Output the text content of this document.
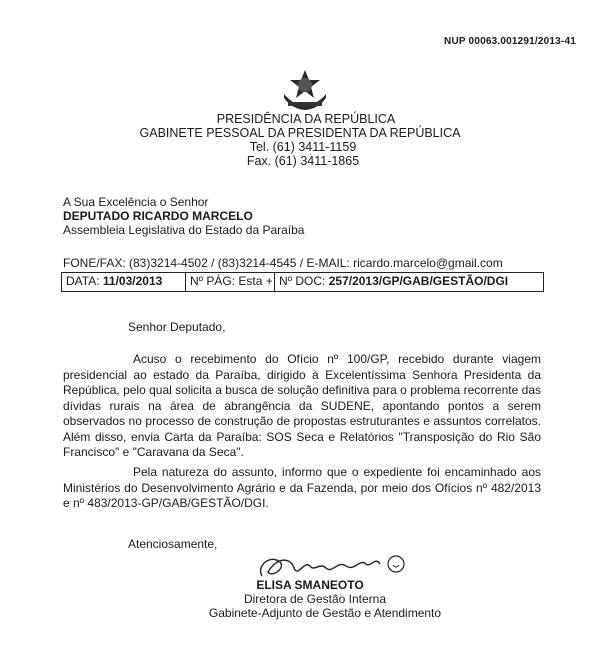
NUP 00063.001291/2013-41
PRESIDÊNCIA DA REPÚBLICA
GABINETE PESSOAL DA PRESIDENTA DA REPÚBLICA
Tel. (61) 3411-1159
Fax. (61) 3411-1865
A Sua Excelência o Senhor
DEPUTADO RICARDO MARCELO
Assembleia Legislativa do Estado da Paraíba
FONE/FAX: (83)3214-4502 / (83)3214-4545 / E-MAIL: ricardo.marcelo@gmail.com
DATA: 11/03/2013	Nº PÁG: Esta + Nº DOC: 257/2013/GP/GAB/GESTÃO/DGI
Senhor Deputado,
Acuso o recebimento do Ofício nº 100/GP, recebido durante viagem presidencial ao estado da Paraíba, dirigido à Excelentíssima Senhora Presidenta da República, pelo qual solicita a busca de solução definitiva para o problema recorrente das dívidas rurais na área de abrangência da SUDENE, apontando pontos a serem observados no processo de construção de propostas estruturantes e assuntos correlatos. Além disso, envia Carta da Paraíba: SOS Seca e Relatórios "Transposição do Rio São Francisco" e "Caravana da Seca".
Pela natureza do assunto, informo que o expediente foi encaminhado aos Ministérios do Desenvolvimento Agrário e da Fazenda, por meio dos Ofícios nº 482/2013 e nº 483/2013-GP/GAB/GESTÃO/DGI.
Atenciosamente,
ELISA SMANEOTO
Diretora de Gestão Interna
Gabinete-Adjunto de Gestão e Atendimento
